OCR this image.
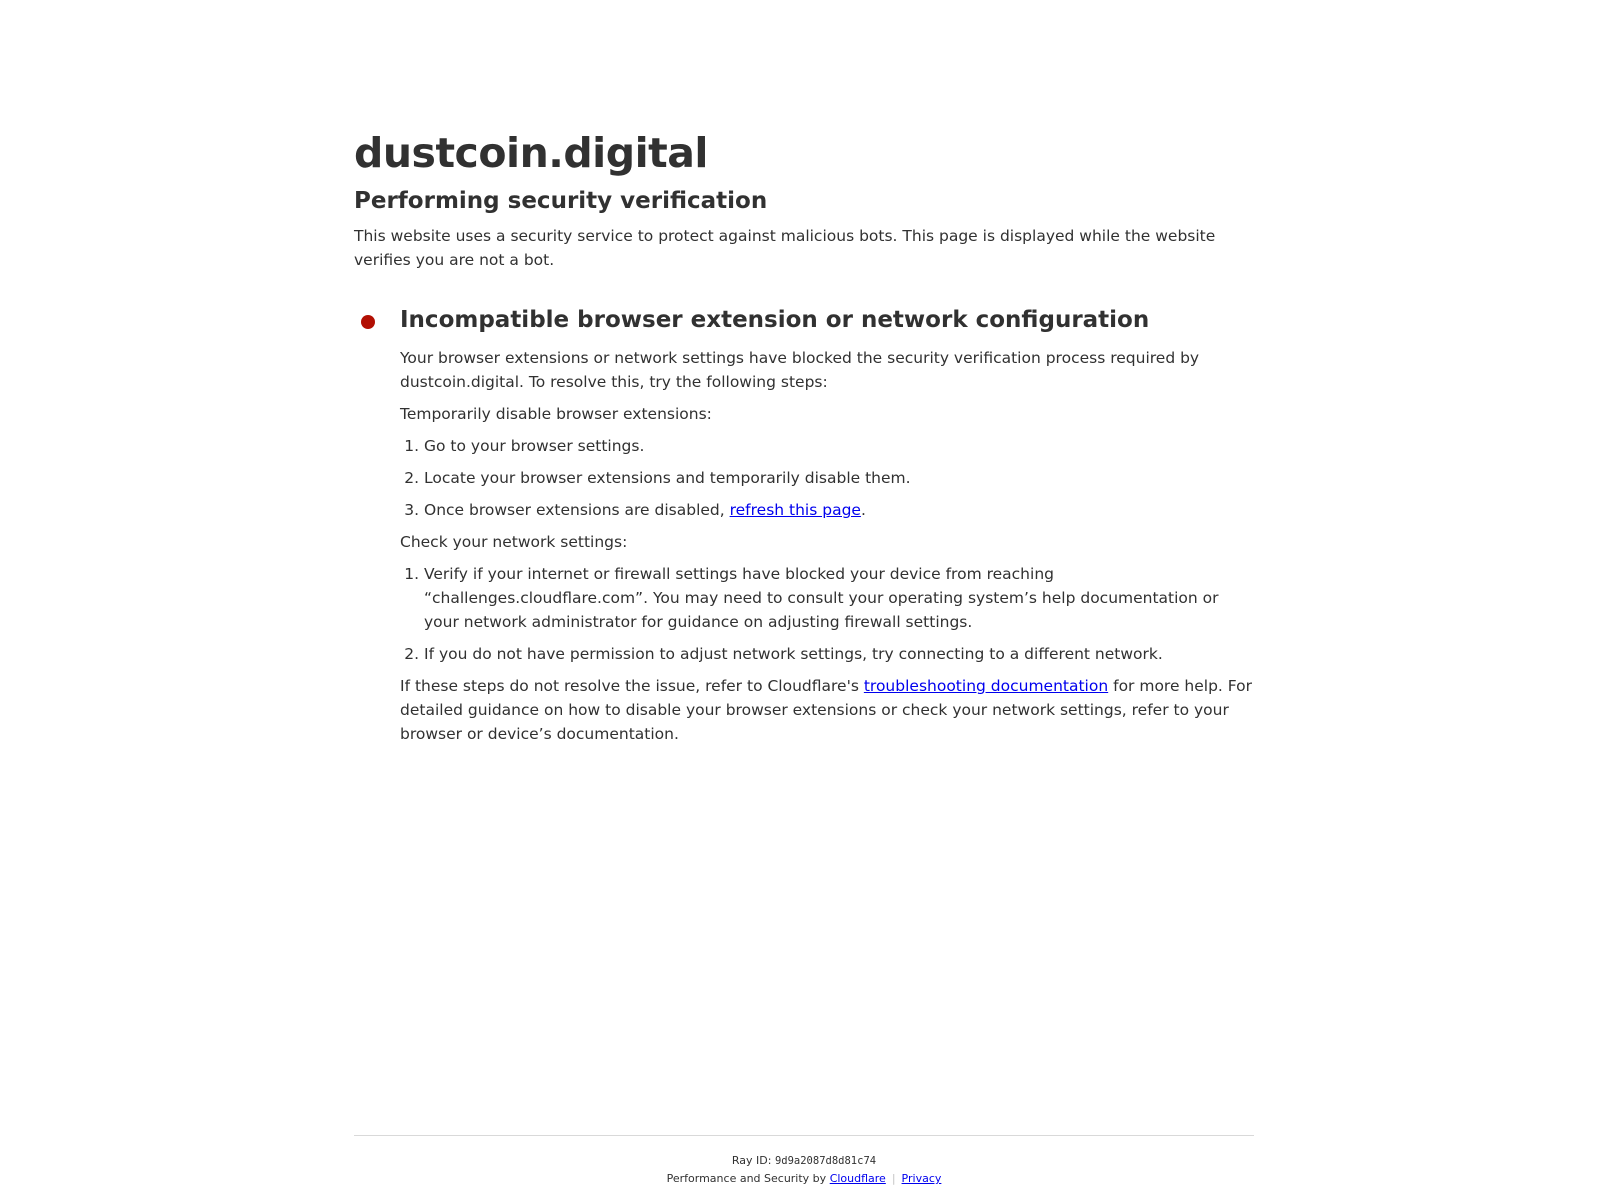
dustcoin.digital
Performing security verification

This website uses a security service to protect against malicious bots. This page is displayed while the website verifies you are not a bot.

Incompatible browser extension or network configuration

Your browser extensions or network settings have blocked the security verification process required by dustcoin.digital. To resolve this, try the following steps:

Temporarily disable browser extensions:

1. Go to your browser settings.
2. Locate your browser extensions and temporarily disable them.
3. Once browser extensions are disabled, refresh this page.

Check your network settings:

1. Verify if your internet or firewall settings have blocked your device from reaching “challenges.cloudflare.com”. You may need to consult your operating system’s help documentation or your network administrator for guidance on adjusting firewall settings.
2. If you do not have permission to adjust network settings, try connecting to a different network.

If these steps do not resolve the issue, refer to Cloudflare's troubleshooting documentation for more help. For detailed guidance on how to disable your browser extensions or check your network settings, refer to your browser or device’s documentation.

Ray ID: 9d9a2087d8d81c74
Performance and Security by Cloudflare | Privacy
